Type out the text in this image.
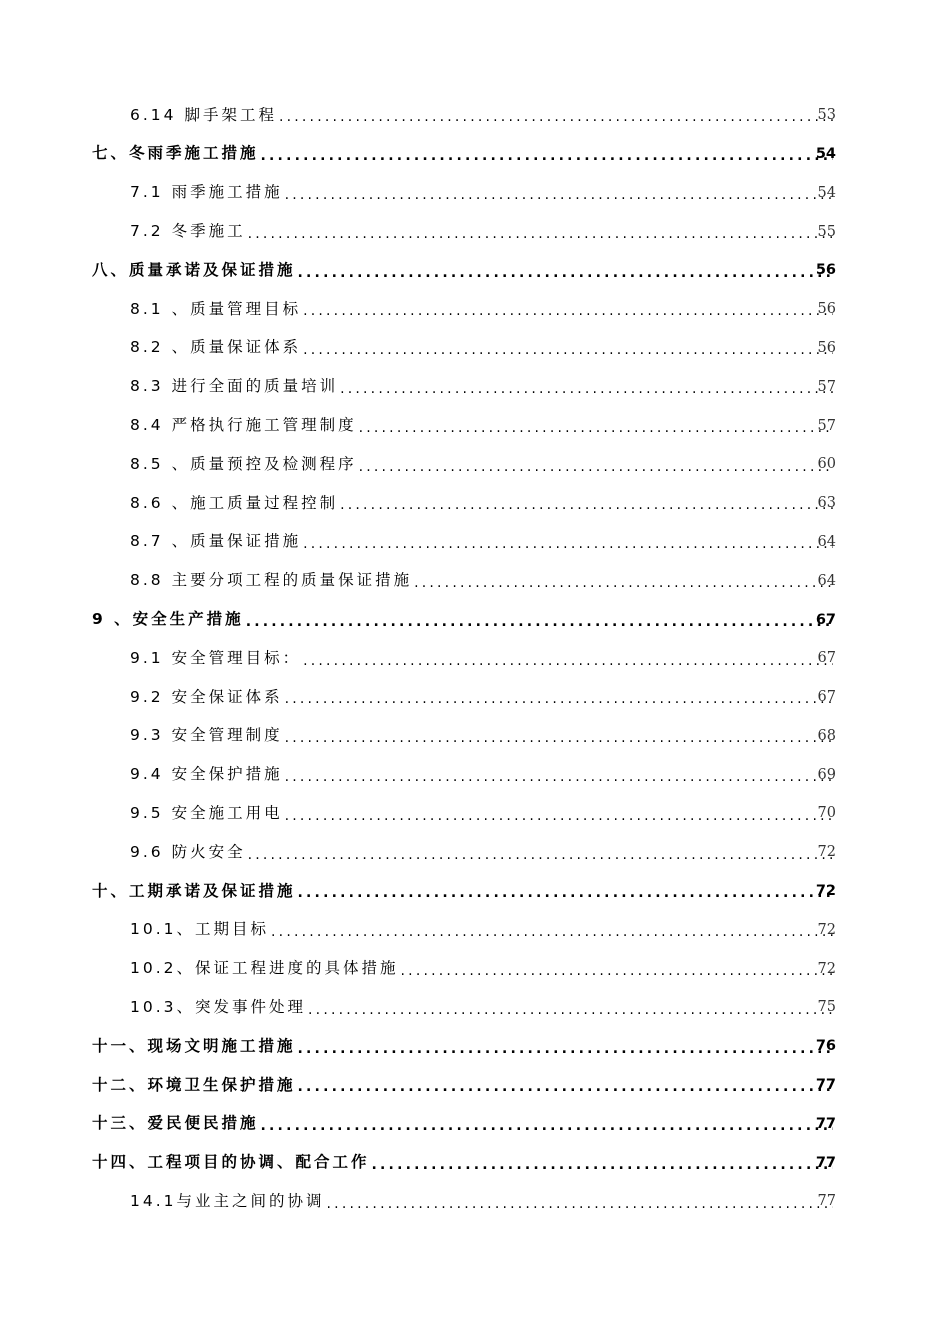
6.14 脚手架工程 .....	53
七、冬雨季施工措施 .....	54
7.1 雨季施工措施 .....	54
7.2 冬季施工 .....	55
八、质量承诺及保证措施 .....	56
8.1 、质量管理目标 .....	56
8.2 、质量保证体系 .....	56
8.3 进行全面的质量培训 .....	57
8.4 严格执行施工管理制度 .....	57
8.5 、质量预控及检测程序 .....	60
8.6 、施工质量过程控制 .....	63
8.7 、质量保证措施 .....	64
8.8 主要分项工程的质量保证措施 .....	64
9 、安全生产措施 .....	67
9.1 安全管理目标： .....	67
9.2 安全保证体系 .....	67
9.3 安全管理制度 .....	68
9.4 安全保护措施 .....	69
9.5 安全施工用电 .....	70
9.6 防火安全 .....	72
十、工期承诺及保证措施 .....	72
10.1、工期目标 .....	72
10.2、保证工程进度的具体措施 .....	72
10.3、突发事件处理 .....	75
十一、现场文明施工措施 .....	76
十二、环境卫生保护措施 .....	77
十三、爱民便民措施 .....	77
十四、工程项目的协调、配合工作 .....	77
14.1与业主之间的协调 .....	77
